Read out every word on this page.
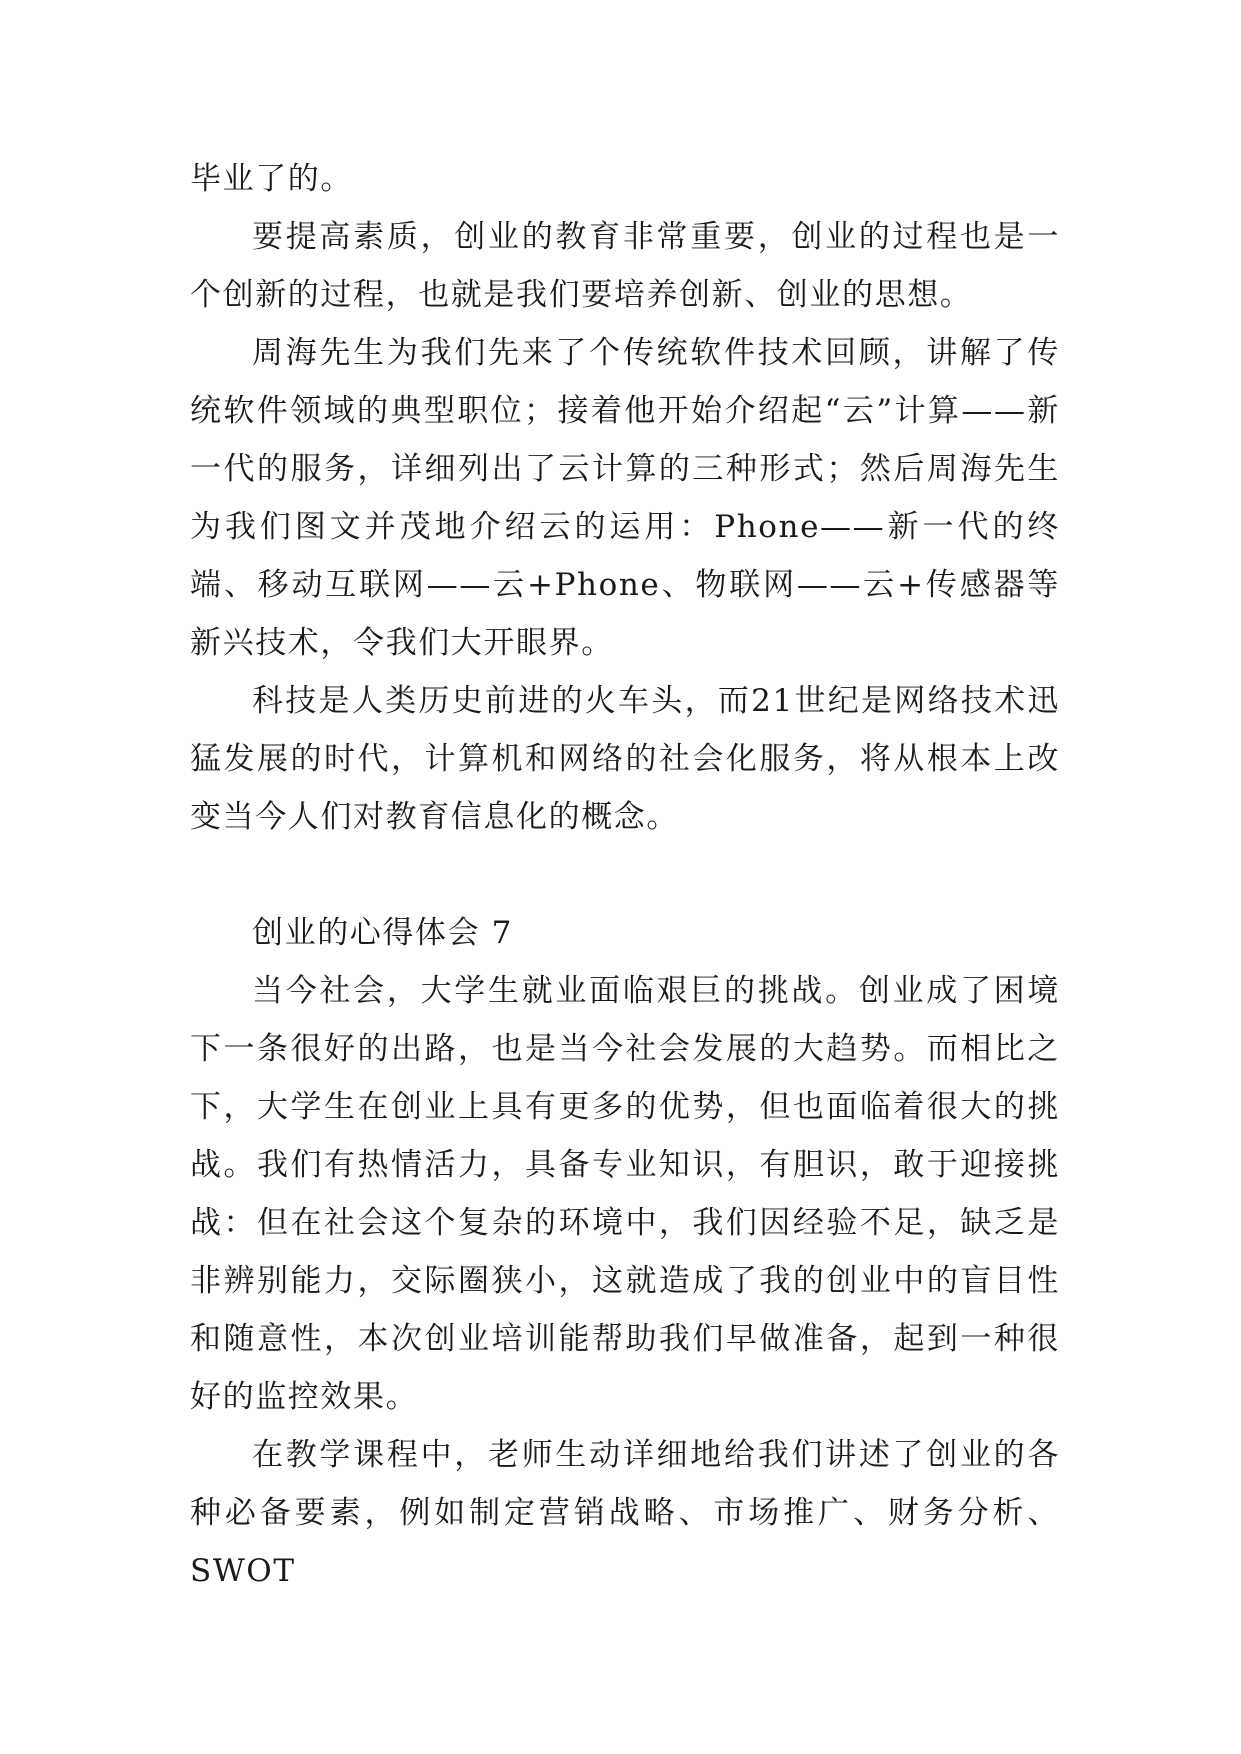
毕业了的。

要提高素质，创业的教育非常重要，创业的过程也是一个创新的过程，也就是我们要培养创新、创业的思想。

周海先生为我们先来了个传统软件技术回顾，讲解了传统软件领域的典型职位；接着他开始介绍起“云”计算——新一代的服务，详细列出了云计算的三种形式；然后周海先生为我们图文并茂地介绍云的运用：Phone——新一代的终端、移动互联网——云+Phone、物联网——云+传感器等新兴技术，令我们大开眼界。

科技是人类历史前进的火车头，而21世纪是网络技术迅猛发展的时代，计算机和网络的社会化服务，将从根本上改变当今人们对教育信息化的概念。

创业的心得体会 7

当今社会，大学生就业面临艰巨的挑战。创业成了困境下一条很好的出路，也是当今社会发展的大趋势。而相比之下，大学生在创业上具有更多的优势，但也面临着很大的挑战。我们有热情活力，具备专业知识，有胆识，敢于迎接挑战：但在社会这个复杂的环境中，我们因经验不足，缺乏是非辨别能力，交际圈狭小，这就造成了我的创业中的盲目性和随意性，本次创业培训能帮助我们早做准备，起到一种很好的监控效果。

在教学课程中，老师生动详细地给我们讲述了创业的各种必备要素，例如制定营销战略、市场推广、财务分析、SWOT
